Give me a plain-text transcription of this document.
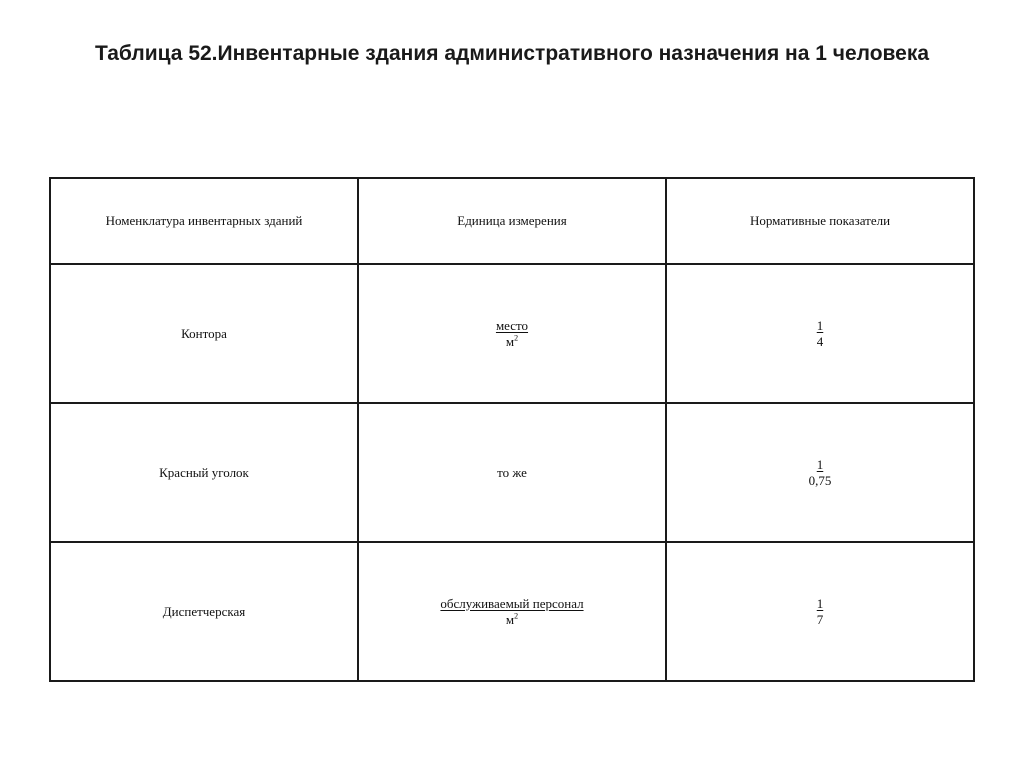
Таблица 52.Инвентарные здания административного назначения на 1 человека
Номенклатура инвентарных зданий	Единица измерения	Нормативные показатели
Контора	$\frac{\text{место}}{м^2}$	$\frac{1}{4}$

Красный уголок	то же	$\frac{1}{0,75}$

Диспетчерская	$\frac{\text{обслуживаемый персонал}}{м^2}$	$\frac{1}{7}$
